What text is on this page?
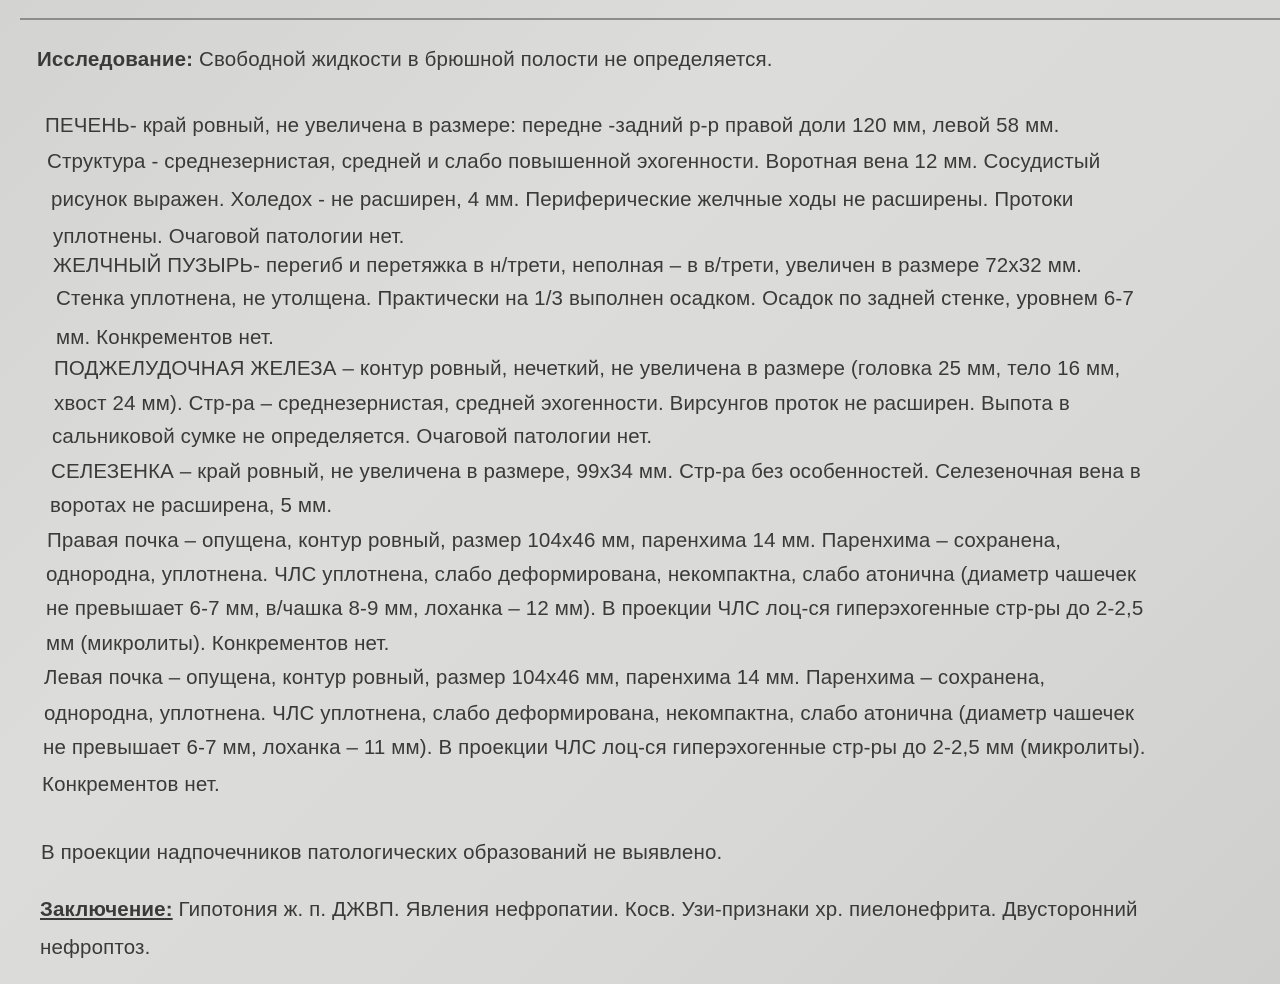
Исследование: Свободной жидкости в брюшной полости не определяется.
ПЕЧЕНЬ- край ровный, не увеличена в размере: передне -задний р-р правой доли 120 мм, левой 58 мм.
Структура - среднезернистая, средней и слабо повышенной эхогенности. Воротная вена 12 мм. Сосудистый
рисунок выражен. Холедох - не расширен, 4 мм. Периферические желчные ходы не расширены. Протоки
уплотнены. Очаговой патологии нет.
ЖЕЛЧНЫЙ ПУЗЫРЬ- перегиб и перетяжка в н/трети, неполная – в в/трети, увеличен в размере 72х32 мм.
Стенка уплотнена, не утолщена. Практически на 1/3 выполнен осадком. Осадок по задней стенке, уровнем 6-7
мм. Конкрементов нет.
ПОДЖЕЛУДОЧНАЯ ЖЕЛЕЗА – контур ровный, нечеткий, не увеличена в размере (головка 25 мм, тело 16 мм,
хвост 24 мм). Стр-ра – среднезернистая, средней эхогенности. Вирсунгов проток не расширен. Выпота в
сальниковой сумке не определяется. Очаговой патологии нет.
СЕЛЕЗЕНКА – край ровный, не увеличена в размере, 99х34 мм. Стр-ра без особенностей. Селезеночная вена в
воротах не расширена, 5 мм.
Правая почка – опущена, контур ровный, размер 104х46 мм, паренхима 14 мм. Паренхима – сохранена,
однородна, уплотнена. ЧЛС уплотнена, слабо деформирована, некомпактна, слабо атонична (диаметр чашечек
не превышает 6-7 мм, в/чашка 8-9 мм, лоханка – 12 мм). В проекции ЧЛС лоц-ся гиперэхогенные стр-ры до 2-2,5
мм (микролиты). Конкрементов нет.
Левая почка – опущена, контур ровный, размер 104х46 мм, паренхима 14 мм. Паренхима – сохранена,
однородна, уплотнена. ЧЛС уплотнена, слабо деформирована, некомпактна, слабо атонична (диаметр чашечек
не превышает 6-7 мм, лоханка – 11 мм). В проекции ЧЛС лоц-ся гиперэхогенные стр-ры до 2-2,5 мм (микролиты).
Конкрементов нет.
В проекции надпочечников патологических образований не выявлено.
Заключение: Гипотония ж. п. ДЖВП. Явления нефропатии. Косв. Узи-признаки хр. пиелонефрита. Двусторонний
нефроптоз.
